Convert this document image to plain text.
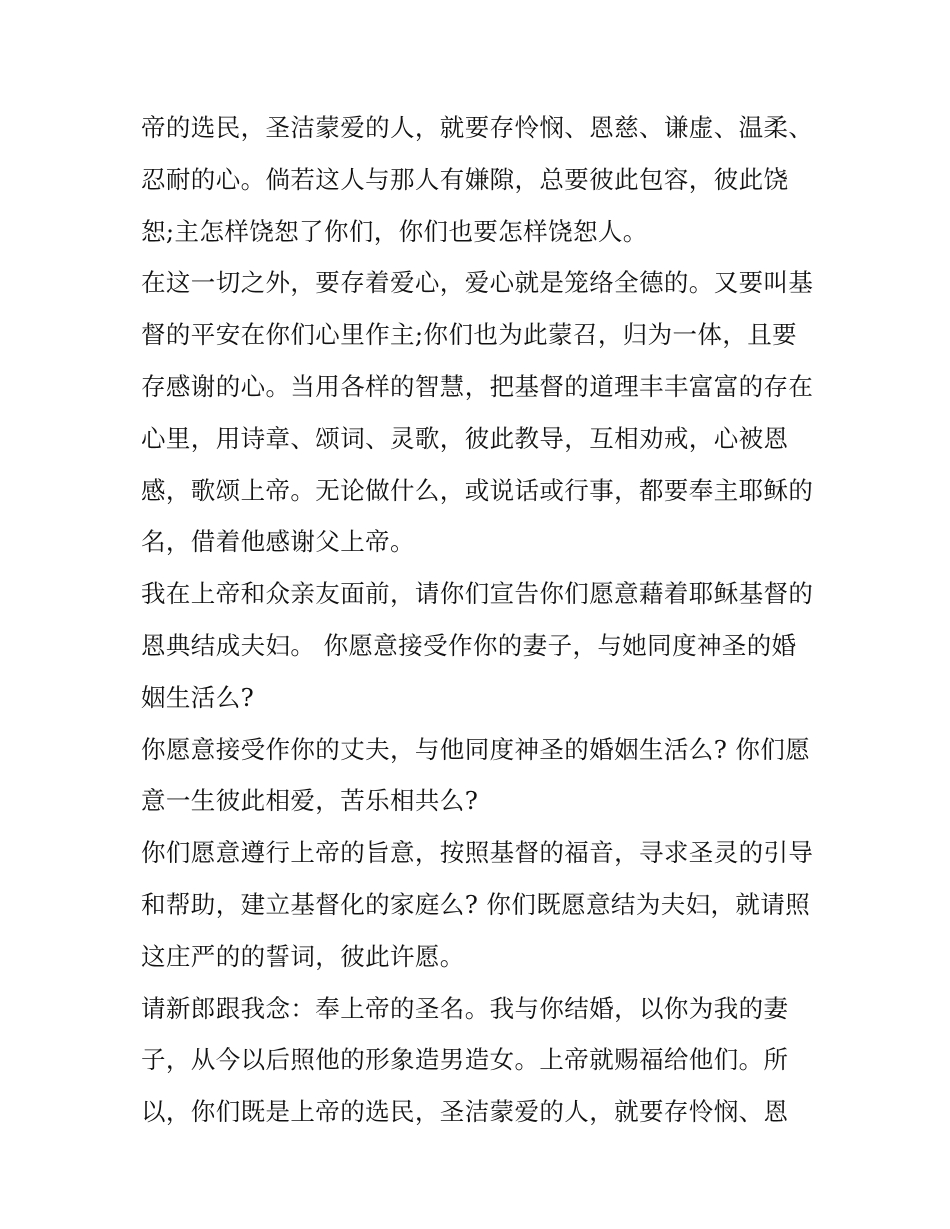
帝的选民，圣洁蒙爱的人，就要存怜悯、恩慈、谦虚、温柔、
忍耐的心。倘若这人与那人有嫌隙，总要彼此包容，彼此饶
恕;主怎样饶恕了你们，你们也要怎样饶恕人。
在这一切之外，要存着爱心，爱心就是笼络全德的。又要叫基
督的平安在你们心里作主;你们也为此蒙召，归为一体，且要
存感谢的心。当用各样的智慧，把基督的道理丰丰富富的存在
心里，用诗章、颂词、灵歌，彼此教导，互相劝戒，心被恩
感，歌颂上帝。无论做什么，或说话或行事，都要奉主耶稣的
名，借着他感谢父上帝。
我在上帝和众亲友面前，请你们宣告你们愿意藉着耶稣基督的
恩典结成夫妇。 你愿意接受作你的妻子，与她同度神圣的婚
姻生活么?
你愿意接受作你的丈夫，与他同度神圣的婚姻生活么? 你们愿
意一生彼此相爱，苦乐相共么?
你们愿意遵行上帝的旨意，按照基督的福音，寻求圣灵的引导
和帮助，建立基督化的家庭么? 你们既愿意结为夫妇，就请照
这庄严的的誓词，彼此许愿。
请新郎跟我念：奉上帝的圣名。我与你结婚，以你为我的妻
子，从今以后照他的形象造男造女。上帝就赐福给他们。所
以，你们既是上帝的选民，圣洁蒙爱的人，就要存怜悯、恩
